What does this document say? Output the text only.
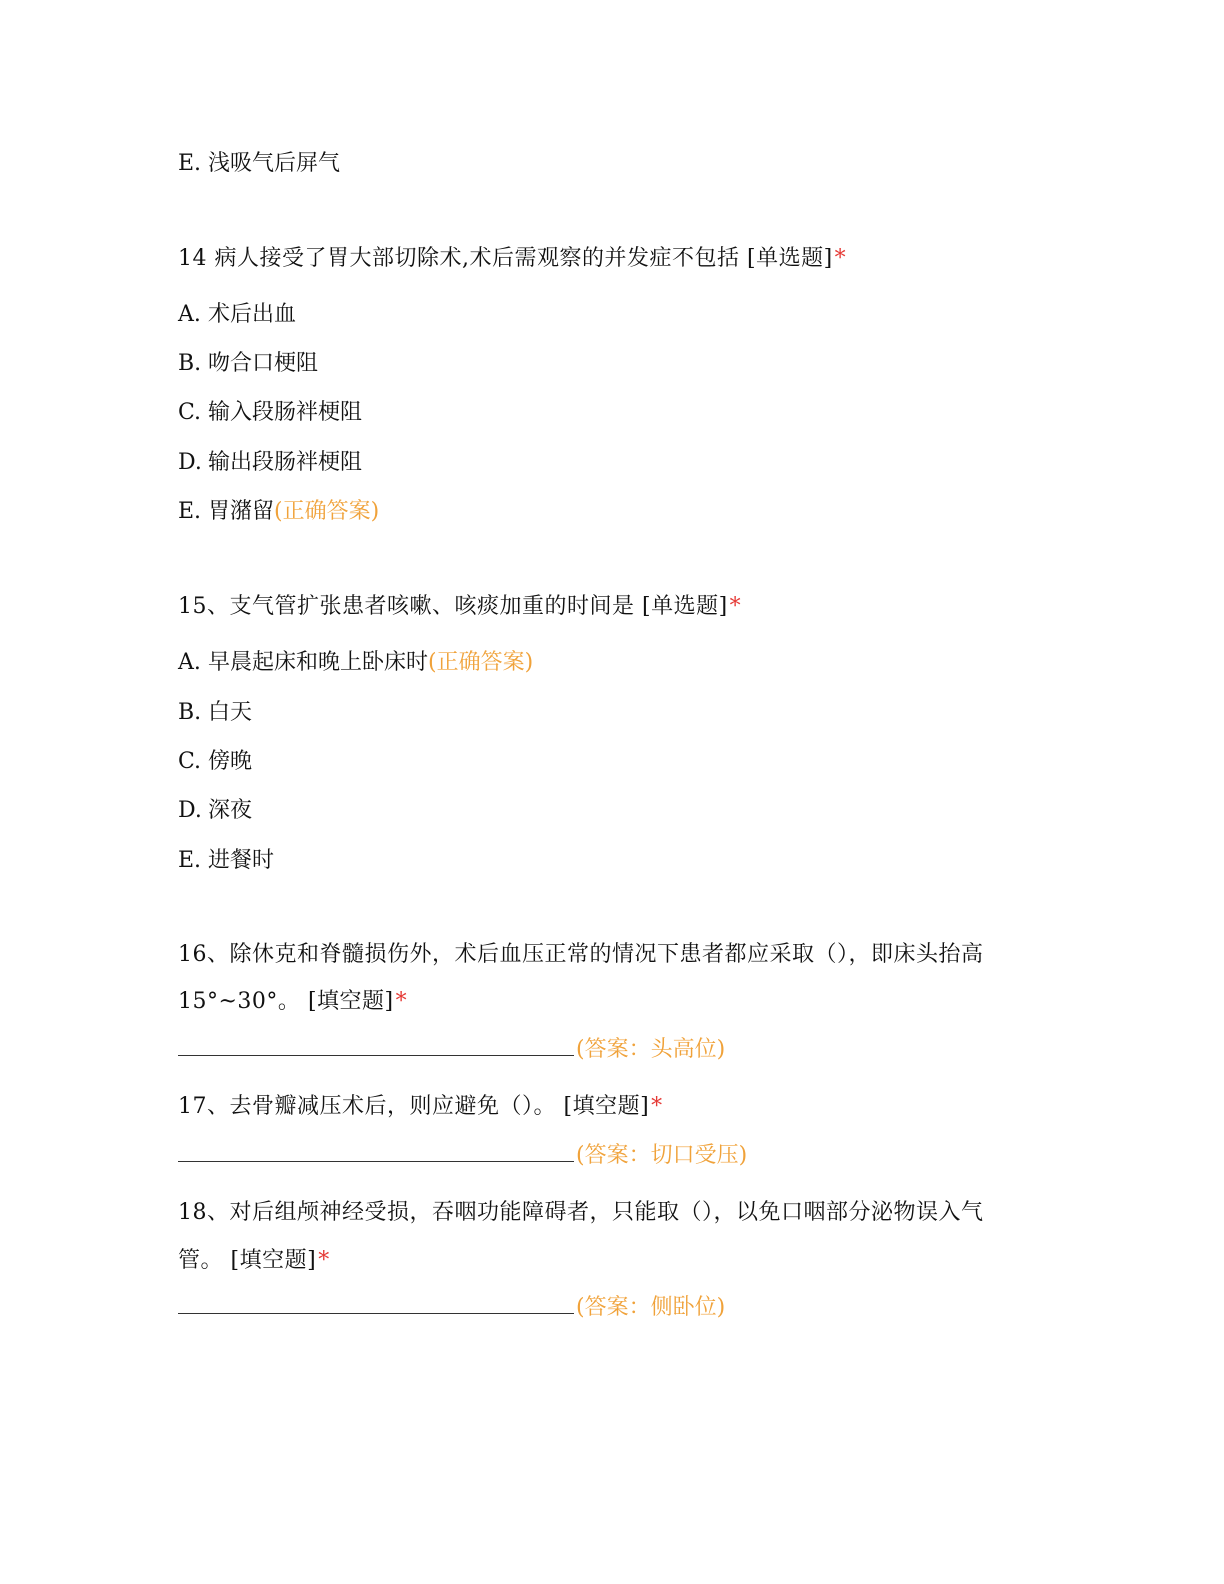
E. 浅吸气后屏气
14 病人接受了胃大部切除术,术后需观察的并发症不包括 [单选题]*
A. 术后出血
B. 吻合口梗阻
C. 输入段肠袢梗阻
D. 输出段肠袢梗阻
E. 胃潴留(正确答案)
15、支气管扩张患者咳嗽、咳痰加重的时间是 [单选题]*
A. 早晨起床和晚上卧床时(正确答案)
B. 白天
C. 傍晚
D. 深夜
E. 进餐时
16、除休克和脊髓损伤外，术后血压正常的情况下患者都应采取（），即床头抬高
15°~30°。 [填空题]*
(答案：头高位)
17、去骨瓣减压术后，则应避免（）。 [填空题]*
(答案：切口受压)
18、对后组颅神经受损，吞咽功能障碍者，只能取（），以免口咽部分泌物误入气
管。 [填空题]*
(答案：侧卧位)
